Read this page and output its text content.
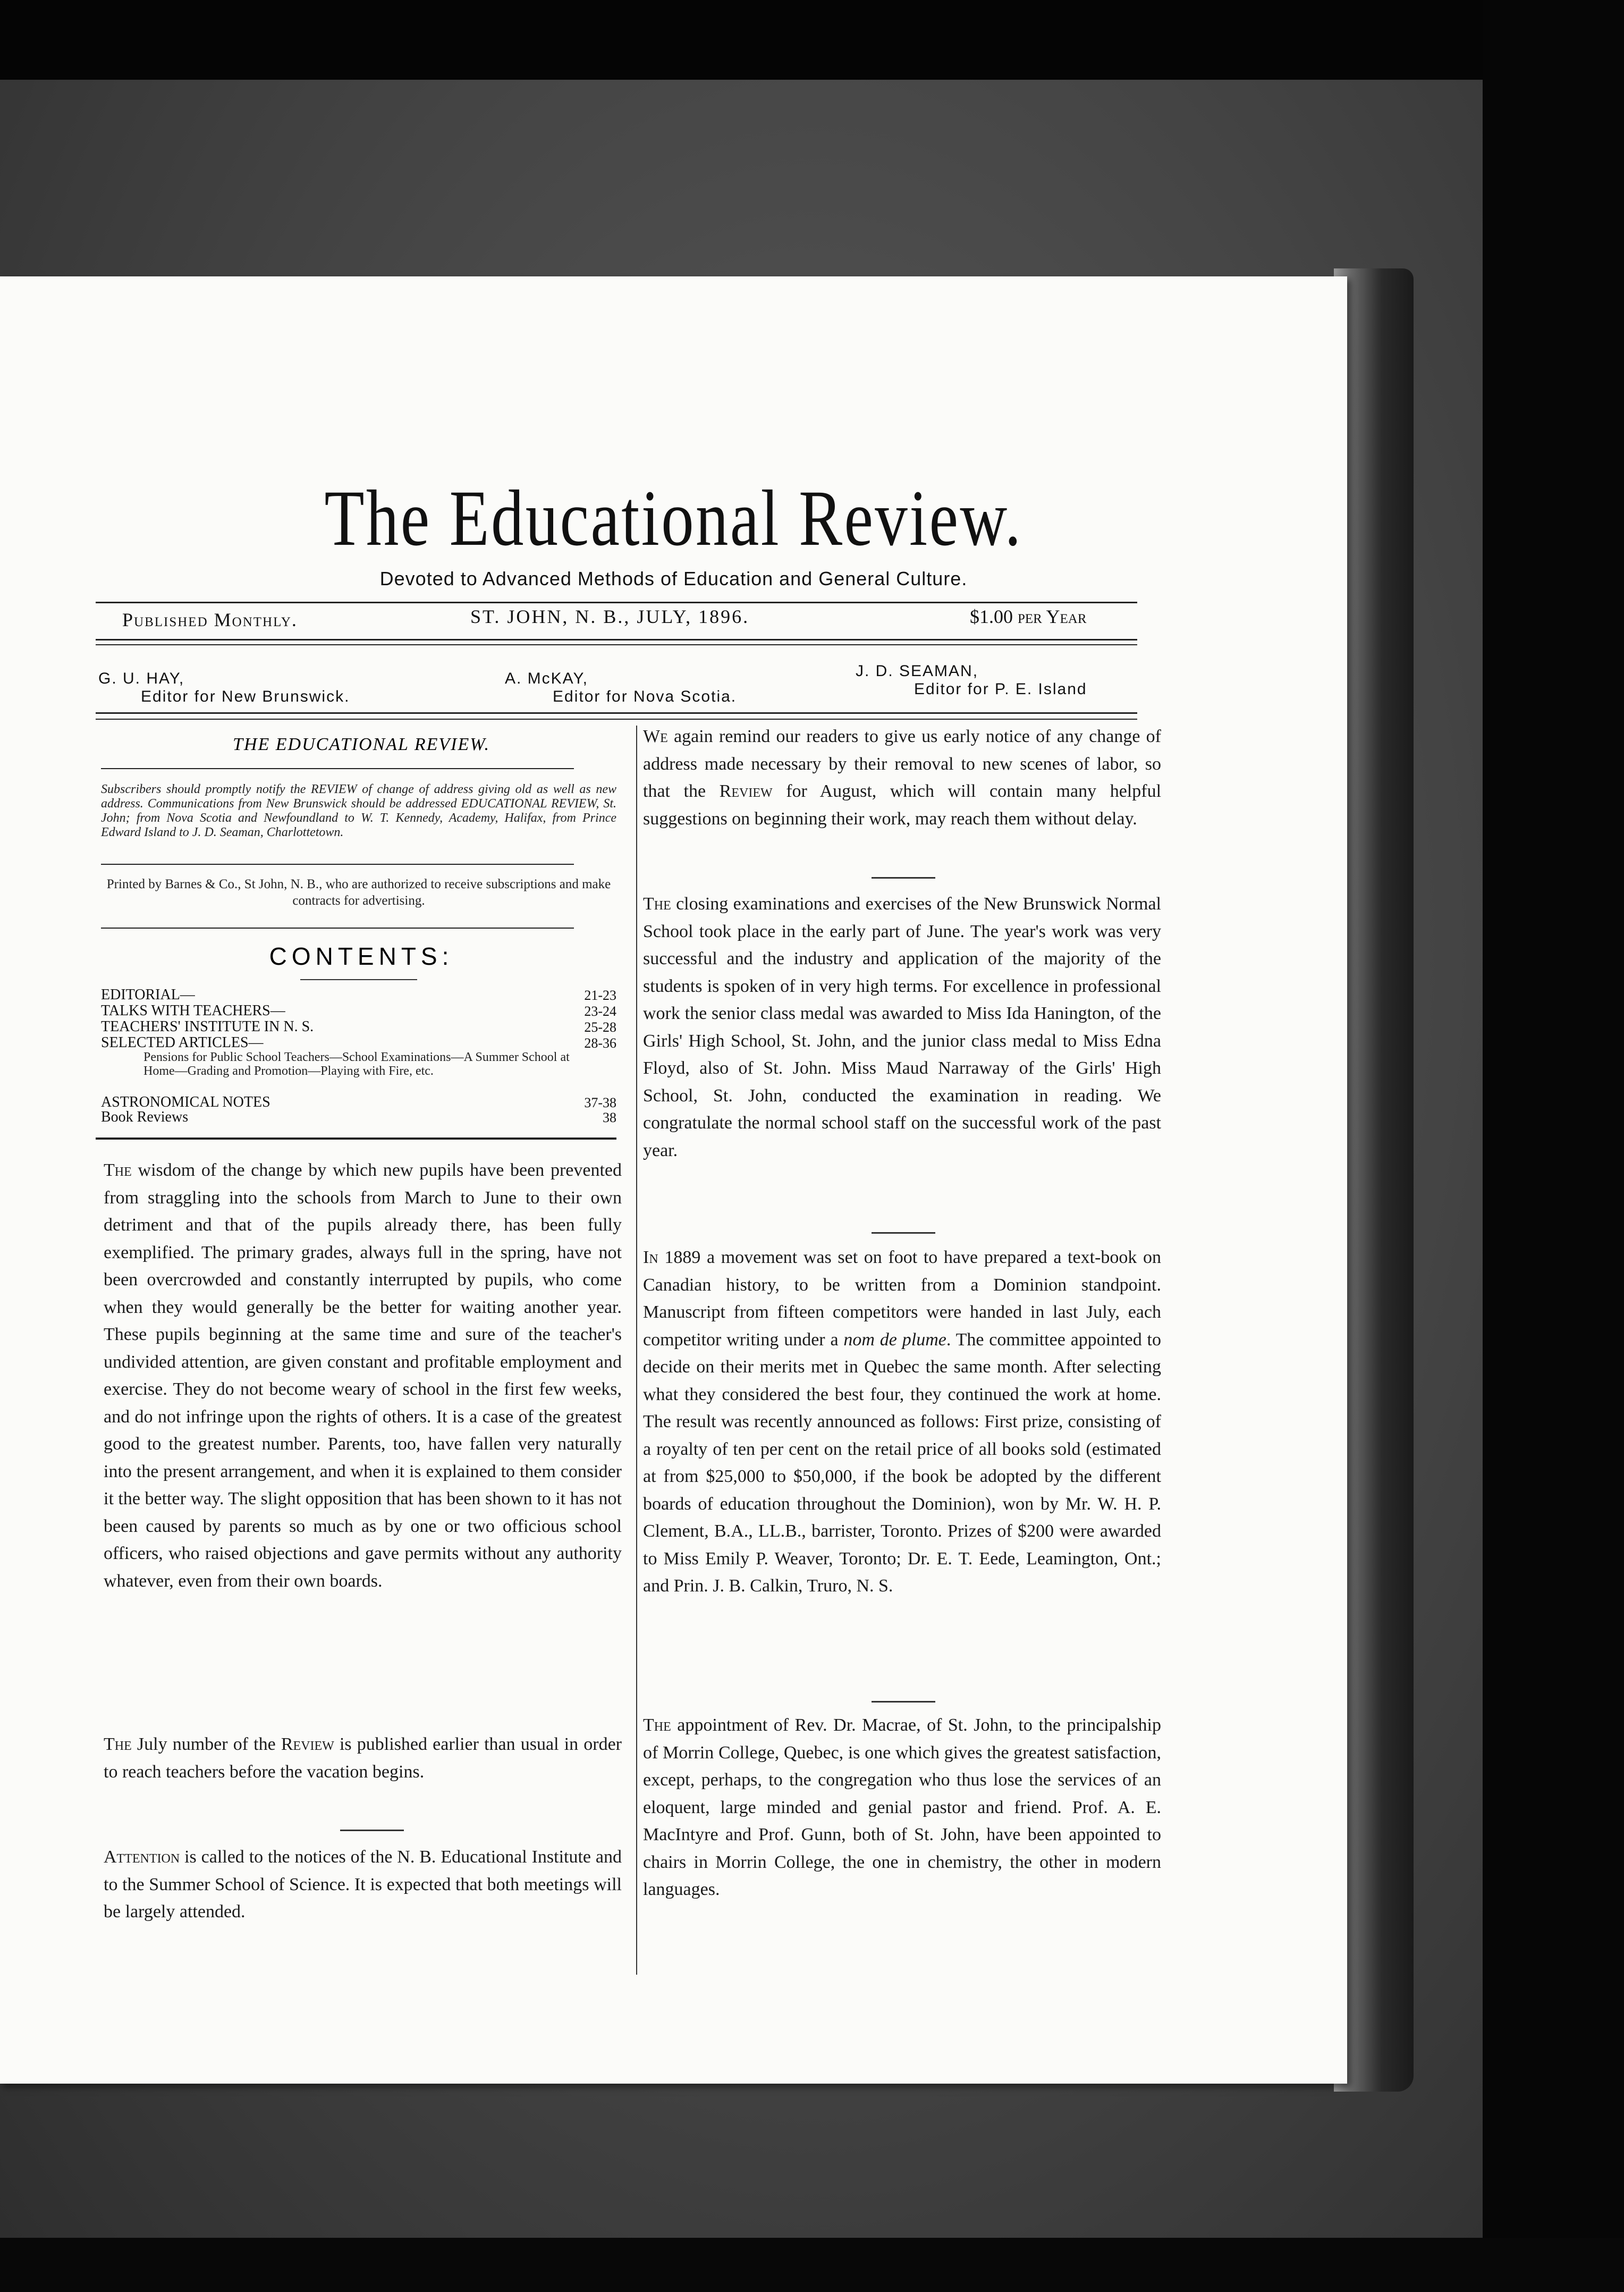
The Educational Review.
Devoted to Advanced Methods of Education and General Culture.
Published Monthly.	ST. JOHN, N. B., JULY, 1896.	$1.00 per Year
G. U. HAY,
Editor for New Brunswick.
A. McKAY,
Editor for Nova Scotia.
J. D. SEAMAN,
Editor for P. E. Island
THE EDUCATIONAL REVIEW.
Subscribers should promptly notify the REVIEW of change of address giving old as well as new address. Communications from New Brunswick should be addressed EDUCATIONAL REVIEW, St. John; from Nova Scotia and Newfoundland to W. T. Kennedy, Academy, Halifax, from Prince Edward Island to J. D. Seaman, Charlottetown.
Printed by Barnes & Co., St John, N. B., who are authorized to receive subscriptions and make contracts for advertising.
CONTENTS:
EDITORIAL—	21-23
TALKS WITH TEACHERS—	23-24
TEACHERS' INSTITUTE IN N. S.	25-28
SELECTED ARTICLES—	28-36
Pensions for Public School Teachers—School Examinations—A Summer School at Home—Grading and Promotion—Playing with Fire, etc.
ASTRONOMICAL NOTES	37-38
Book Reviews	38
The wisdom of the change by which new pupils have been prevented from straggling into the schools from March to June to their own detriment and that of the pupils already there, has been fully exemplified. The primary grades, always full in the spring, have not been overcrowded and constantly interrupted by pupils, who come when they would generally be the better for waiting another year. These pupils beginning at the same time and sure of the teacher's undivided attention, are given constant and profitable employment and exercise. They do not become weary of school in the first few weeks, and do not infringe upon the rights of others. It is a case of the greatest good to the greatest number. Parents, too, have fallen very naturally into the present arrangement, and when it is explained to them consider it the better way. The slight opposition that has been shown to it has not been caused by parents so much as by one or two officious school officers, who raised objections and gave permits without any authority whatever, even from their own boards.
The July number of the Review is published earlier than usual in order to reach teachers before the vacation begins.
Attention is called to the notices of the N. B. Educational Institute and to the Summer School of Science. It is expected that both meetings will be largely attended.
We again remind our readers to give us early notice of any change of address made necessary by their removal to new scenes of labor, so that the Review for August, which will contain many helpful suggestions on beginning their work, may reach them without delay.
The closing examinations and exercises of the New Brunswick Normal School took place in the early part of June. The year's work was very successful and the industry and application of the majority of the students is spoken of in very high terms. For excellence in professional work the senior class medal was awarded to Miss Ida Hanington, of the Girls' High School, St. John, and the junior class medal to Miss Edna Floyd, also of St. John. Miss Maud Narraway of the Girls' High School, St. John, conducted the examination in reading. We congratulate the normal school staff on the successful work of the past year.
In 1889 a movement was set on foot to have prepared a text-book on Canadian history, to be written from a Dominion standpoint. Manuscript from fifteen competitors were handed in last July, each competitor writing under a nom de plume. The committee appointed to decide on their merits met in Quebec the same month. After selecting what they considered the best four, they continued the work at home. The result was recently announced as follows: First prize, consisting of a royalty of ten per cent on the retail price of all books sold (estimated at from $25,000 to $50,000, if the book be adopted by the different boards of education throughout the Dominion), won by Mr. W. H. P. Clement, B.A., LL.B., barrister, Toronto. Prizes of $200 were awarded to Miss Emily P. Weaver, Toronto; Dr. E. T. Eede, Leamington, Ont.; and Prin. J. B. Calkin, Truro, N. S.
The appointment of Rev. Dr. Macrae, of St. John, to the principalship of Morrin College, Quebec, is one which gives the greatest satisfaction, except, perhaps, to the congregation who thus lose the services of an eloquent, large minded and genial pastor and friend. Prof. A. E. MacIntyre and Prof. Gunn, both of St. John, have been appointed to chairs in Morrin College, the one in chemistry, the other in modern languages.
